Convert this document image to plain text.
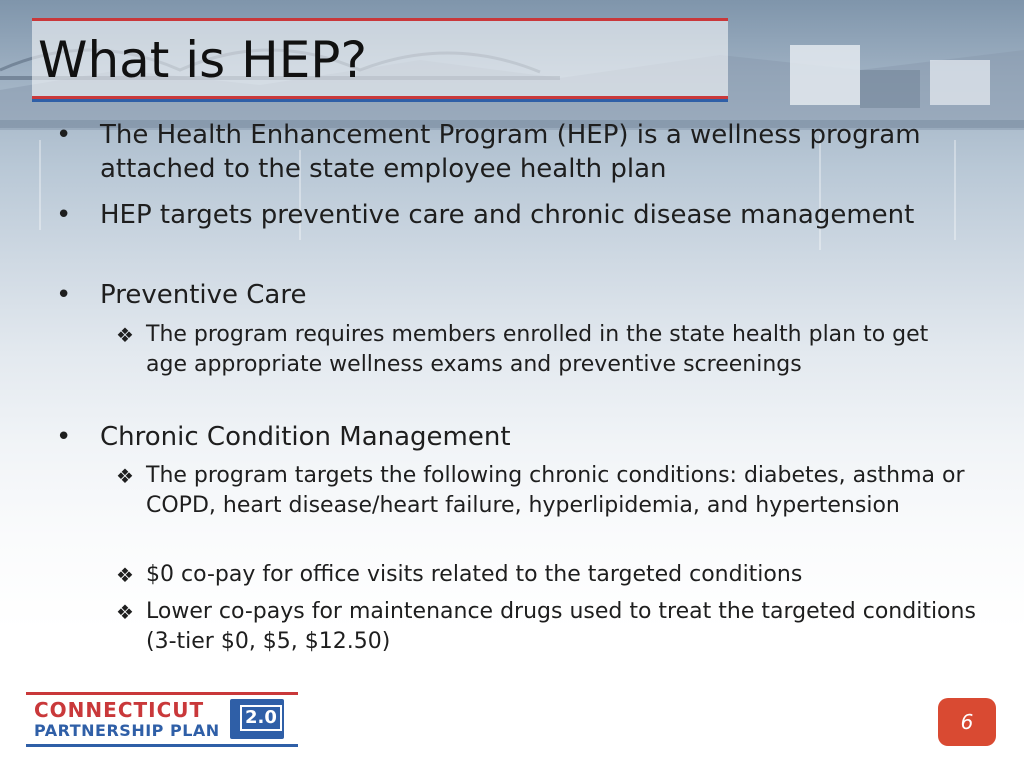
What is HEP?
• The Health Enhancement Program (HEP) is a wellness program attached to the state employee health plan
• HEP targets preventive care and chronic disease management
• Preventive Care
❖ The program requires members enrolled in the state health plan to get age appropriate wellness exams and preventive screenings
• Chronic Condition Management
❖ The program targets the following chronic conditions: diabetes, asthma or COPD, heart disease/heart failure, hyperlipidemia, and hypertension
❖ $0 co-pay for office visits related to the targeted conditions
❖ Lower co-pays for maintenance drugs used to treat the targeted conditions (3-tier $0, $5, $12.50)
CONNECTICUT
PARTNERSHIP PLAN
2.0	6
